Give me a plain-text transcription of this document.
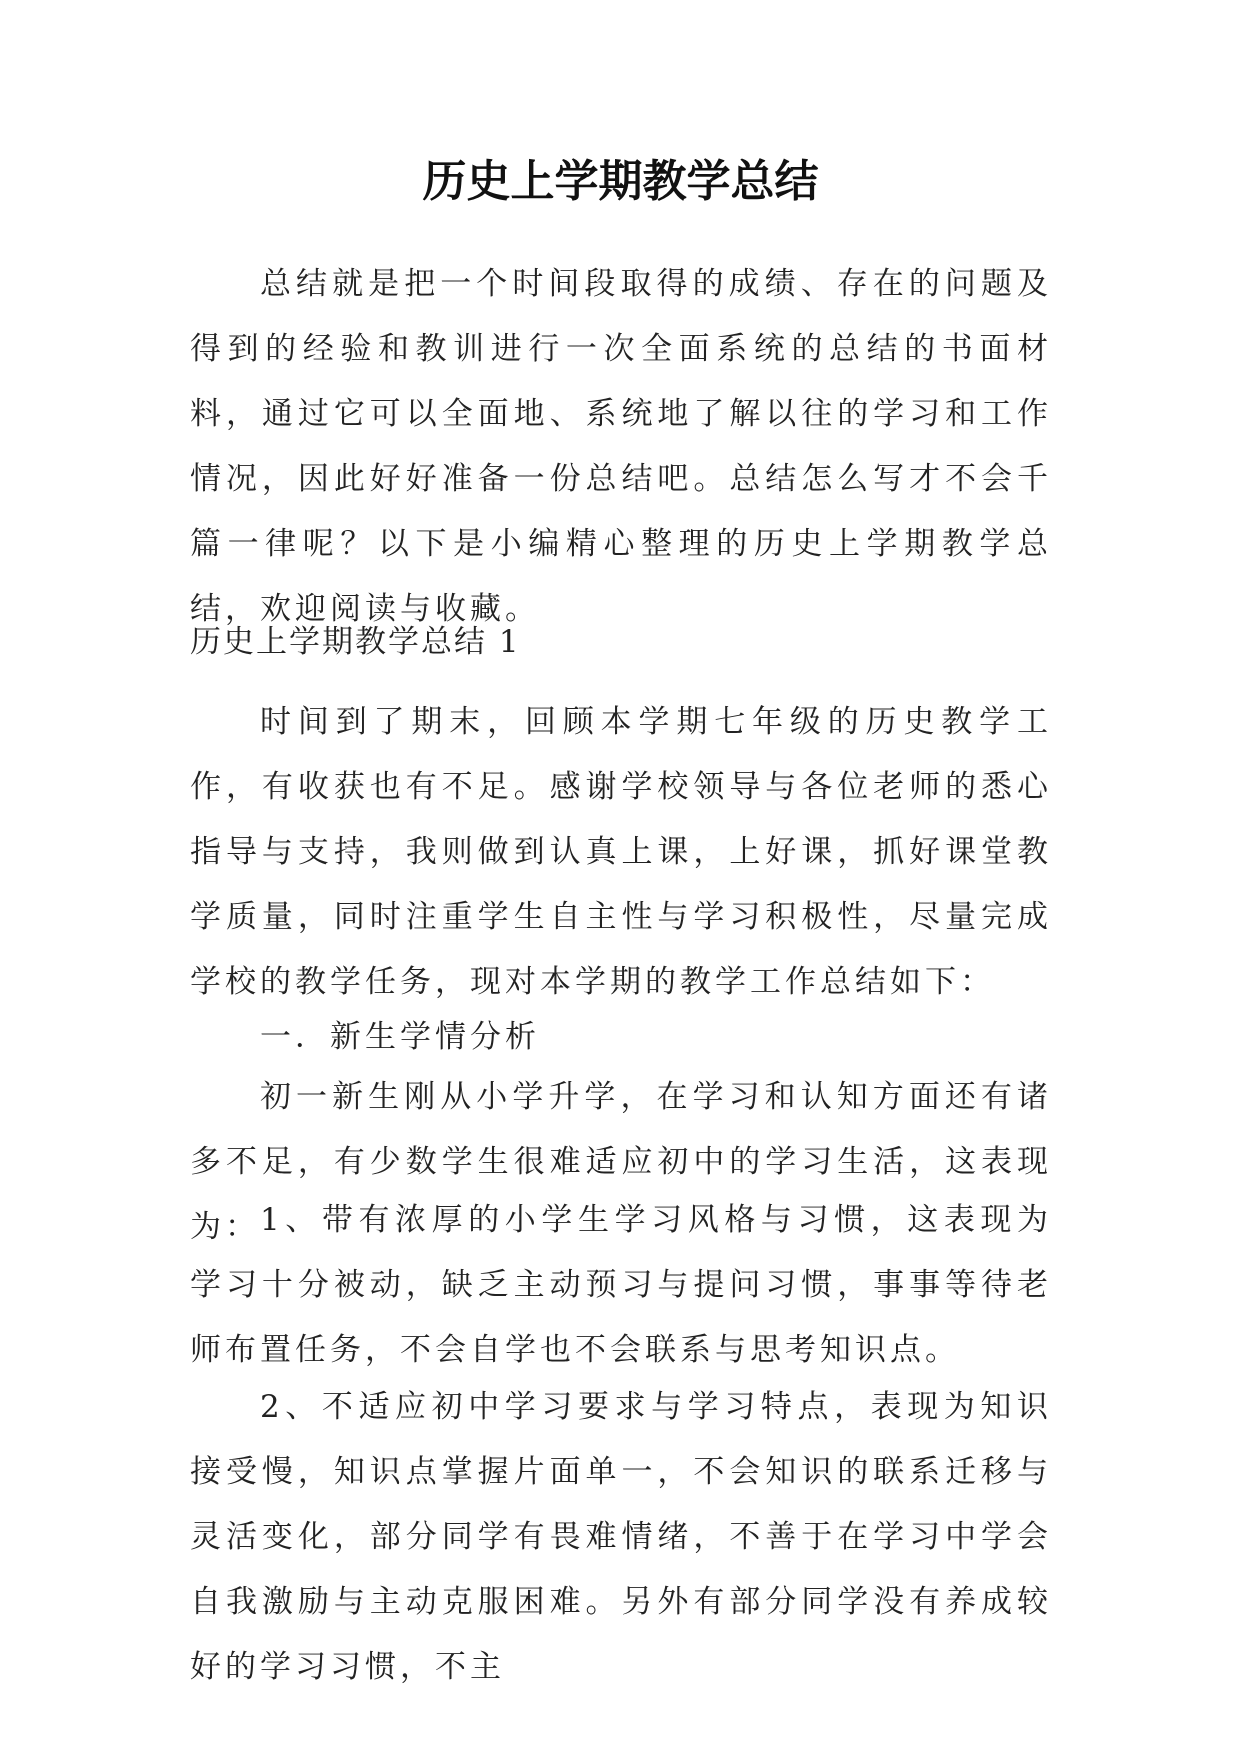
历史上学期教学总结

总结就是把一个时间段取得的成绩、存在的问题及得到的经验和教训进行一次全面系统的总结的书面材料，通过它可以全面地、系统地了解以往的学习和工作情况，因此好好准备一份总结吧。总结怎么写才不会千篇一律呢？以下是小编精心整理的历史上学期教学总结，欢迎阅读与收藏。

历史上学期教学总结 1

时间到了期末，回顾本学期七年级的历史教学工作，有收获也有不足。感谢学校领导与各位老师的悉心指导与支持，我则做到认真上课，上好课，抓好课堂教学质量，同时注重学生自主性与学习积极性，尽量完成学校的教学任务，现对本学期的教学工作总结如下：

一．新生学情分析

初一新生刚从小学升学，在学习和认知方面还有诸多不足，有少数学生很难适应初中的学习生活，这表现为： 1、带有浓厚的小学生学习风格与习惯，这表现为学习十分被动，缺乏主动预习与提问习惯，事事等待老师布置任务，不会自学也不会联系与思考知识点。

2、不适应初中学习要求与学习特点，表现为知识接受慢，知识点掌握片面单一，不会知识的联系迁移与灵活变化，部分同学有畏难情绪，不善于在学习中学会自我激励与主动克服困难。另外有部分同学没有养成较好的学习习惯，不主
